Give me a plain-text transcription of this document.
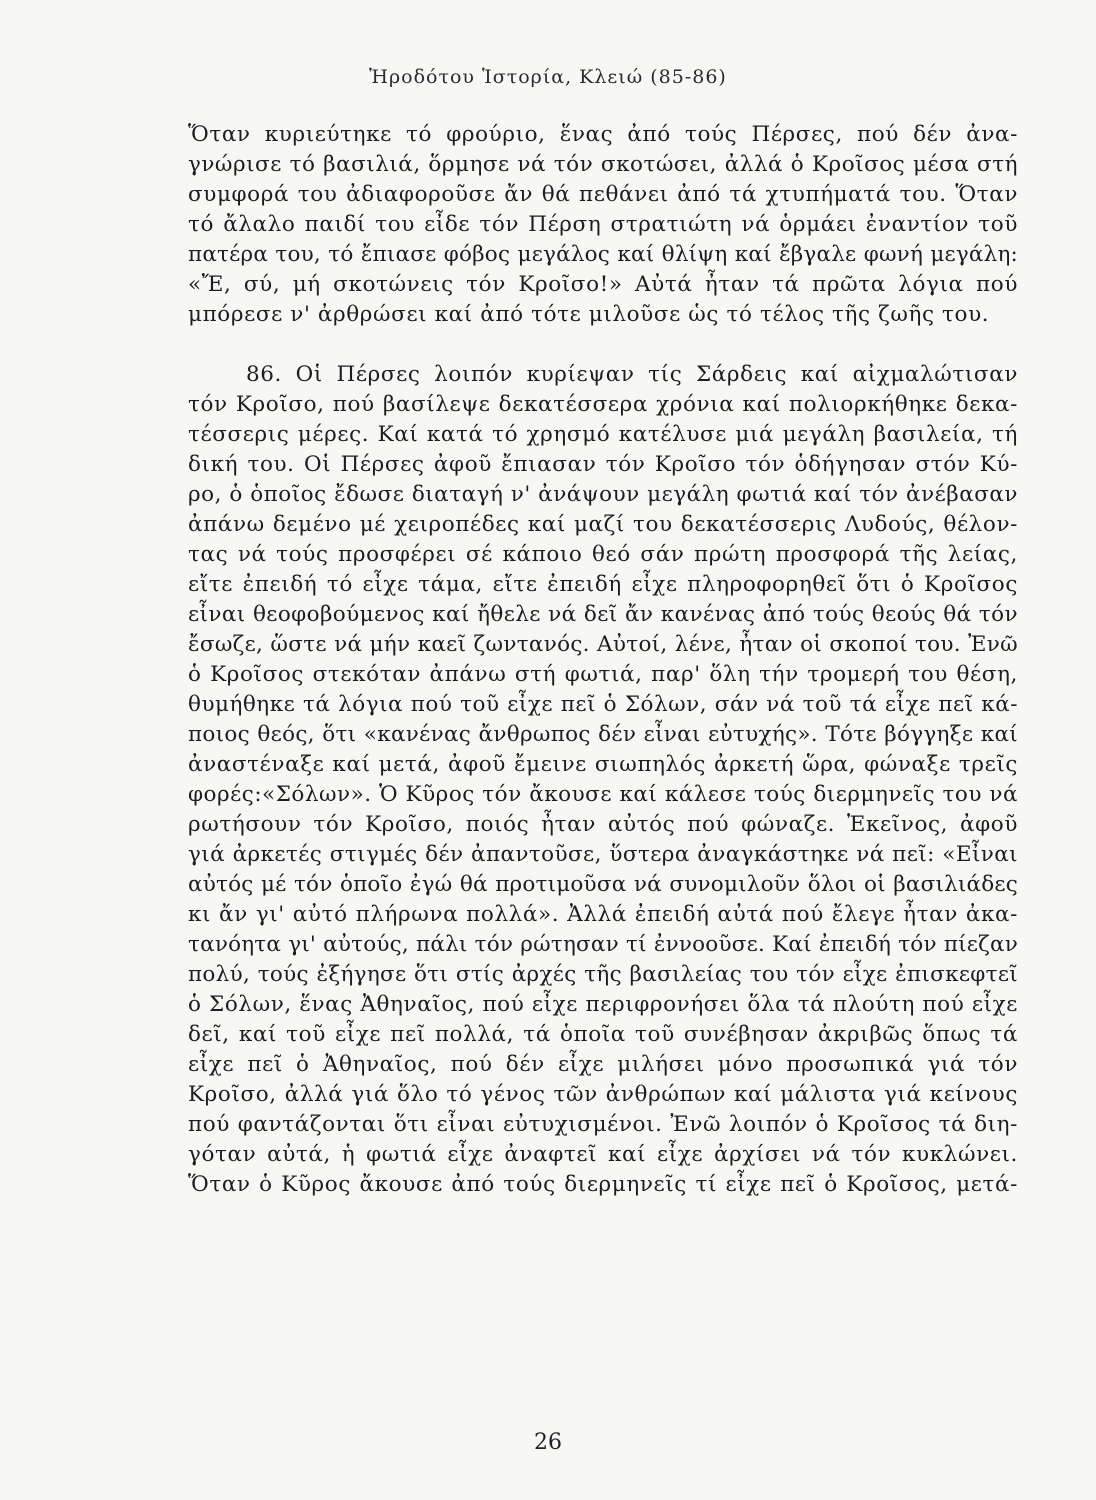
Ἡροδότου Ἱστορία, Κλειώ (85-86)
Ὅταν κυριεύτηκε τό φρούριο, ἕνας ἀπό τούς Πέρσες, πού δέν ἀνα-
γνώρισε τό βασιλιά, ὅρμησε νά τόν σκοτώσει, ἀλλά ὁ Κροῖσος μέσα στή
συμφορά του ἀδιαφοροῦσε ἄν θά πεθάνει ἀπό τά χτυπήματά του. Ὅταν
τό ἄλαλο παιδί του εἶδε τόν Πέρση στρατιώτη νά ὁρμάει ἐναντίον τοῦ
πατέρα του, τό ἔπιασε φόβος μεγάλος καί θλίψη καί ἔβγαλε φωνή μεγάλη:
«Ἔ, σύ, μή σκοτώνεις τόν Κροῖσο!» Αὐτά ἦταν τά πρῶτα λόγια πού
μπόρεσε ν' ἀρθρώσει καί ἀπό τότε μιλοῦσε ὡς τό τέλος τῆς ζωῆς του.
86. Οἱ Πέρσες λοιπόν κυρίεψαν τίς Σάρδεις καί αἰχμαλώτισαν
τόν Κροῖσο, πού βασίλεψε δεκατέσσερα χρόνια καί πολιορκήθηκε δεκα-
τέσσερις μέρες. Καί κατά τό χρησμό κατέλυσε μιά μεγάλη βασιλεία, τή
δική του. Οἱ Πέρσες ἀφοῦ ἔπιασαν τόν Κροῖσο τόν ὁδήγησαν στόν Κύ-
ρο, ὁ ὁποῖος ἔδωσε διαταγή ν' ἀνάψουν μεγάλη φωτιά καί τόν ἀνέβασαν
ἀπάνω δεμένο μέ χειροπέδες καί μαζί του δεκατέσσερις Λυδούς, θέλον-
τας νά τούς προσφέρει σέ κάποιο θεό σάν πρώτη προσφορά τῆς λείας,
εἴτε ἐπειδή τό εἶχε τάμα, εἴτε ἐπειδή εἶχε πληροφορηθεῖ ὅτι ὁ Κροῖσος
εἶναι θεοφοβούμενος καί ἤθελε νά δεῖ ἄν κανένας ἀπό τούς θεούς θά τόν
ἔσωζε, ὥστε νά μήν καεῖ ζωντανός. Αὐτοί, λένε, ἦταν οἱ σκοποί του. Ἐνῶ
ὁ Κροῖσος στεκόταν ἀπάνω στή φωτιά, παρ' ὅλη τήν τρομερή του θέση,
θυμήθηκε τά λόγια πού τοῦ εἶχε πεῖ ὁ Σόλων, σάν νά τοῦ τά εἶχε πεῖ κά-
ποιος θεός, ὅτι «κανένας ἄνθρωπος δέν εἶναι εὐτυχής». Τότε βόγγηξε καί
ἀναστέναξε καί μετά, ἀφοῦ ἔμεινε σιωπηλός ἀρκετή ὥρα, φώναξε τρεῖς
φορές:«Σόλων». Ὁ Κῦρος τόν ἄκουσε καί κάλεσε τούς διερμηνεῖς του νά
ρωτήσουν τόν Κροῖσο, ποιός ἦταν αὐτός πού φώναζε. Ἐκεῖνος, ἀφοῦ
γιά ἀρκετές στιγμές δέν ἀπαντοῦσε, ὕστερα ἀναγκάστηκε νά πεῖ: «Εἶναι
αὐτός μέ τόν ὁποῖο ἐγώ θά προτιμοῦσα νά συνομιλοῦν ὅλοι οἱ βασιλιάδες
κι ἄν γι' αὐτό πλήρωνα πολλά». Ἀλλά ἐπειδή αὐτά πού ἔλεγε ἦταν ἀκα-
τανόητα γι' αὐτούς, πάλι τόν ρώτησαν τί ἐννοοῦσε. Καί ἐπειδή τόν πίεζαν
πολύ, τούς ἐξήγησε ὅτι στίς ἀρχές τῆς βασιλείας του τόν εἶχε ἐπισκεφτεῖ
ὁ Σόλων, ἕνας Ἀθηναῖος, πού εἶχε περιφρονήσει ὅλα τά πλούτη πού εἶχε
δεῖ, καί τοῦ εἶχε πεῖ πολλά, τά ὁποῖα τοῦ συνέβησαν ἀκριβῶς ὅπως τά
εἶχε πεῖ ὁ Ἀθηναῖος, πού δέν εἶχε μιλήσει μόνο προσωπικά γιά τόν
Κροῖσο, ἀλλά γιά ὅλο τό γένος τῶν ἀνθρώπων καί μάλιστα γιά κείνους
πού φαντάζονται ὅτι εἶναι εὐτυχισμένοι. Ἐνῶ λοιπόν ὁ Κροῖσος τά διη-
γόταν αὐτά, ἡ φωτιά εἶχε ἀναφτεῖ καί εἶχε ἀρχίσει νά τόν κυκλώνει.
Ὅταν ὁ Κῦρος ἄκουσε ἀπό τούς διερμηνεῖς τί εἶχε πεῖ ὁ Κροῖσος, μετά-
26
